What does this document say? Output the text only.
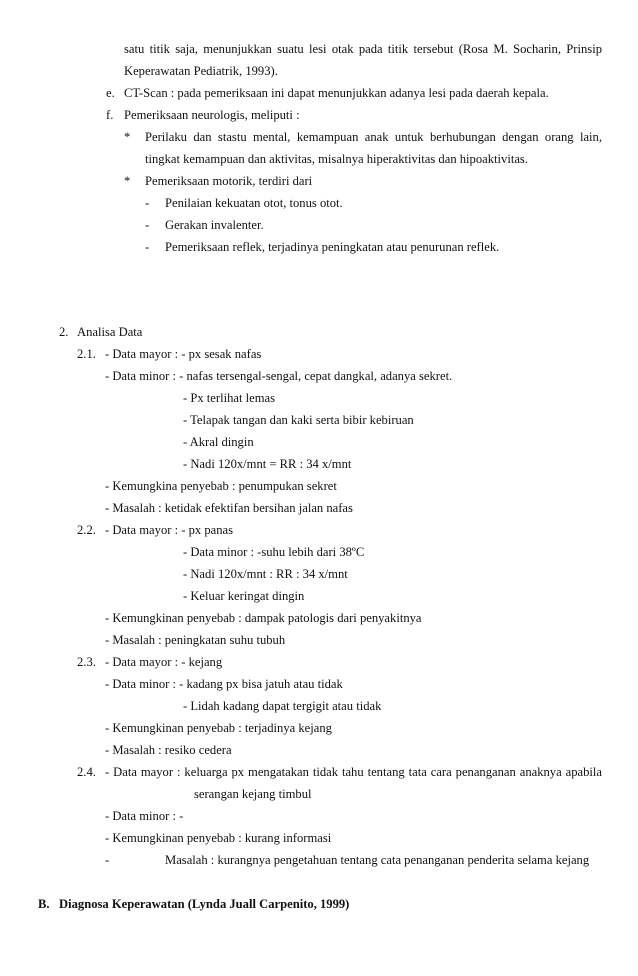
satu titik saja, menunjukkan suatu lesi otak pada titik tersebut (Rosa M. Socharin, Prinsip
Keperawatan Pediatrik, 1993).
e. CT-Scan : pada pemeriksaan ini dapat menunjukkan adanya lesi pada daerah kepala.
f. Pemeriksaan neurologis, meliputi :
* Perilaku dan stastu mental, kemampuan anak untuk berhubungan dengan orang lain,
tingkat kemampuan dan aktivitas, misalnya hiperaktivitas dan hipoaktivitas.
* Pemeriksaan motorik, terdiri dari
- Penilaian kekuatan otot, tonus otot.
- Gerakan invalenter.
- Pemeriksaan reflek, terjadinya peningkatan atau penurunan reflek.
2. Analisa Data
2.1. - Data mayor : - px sesak nafas
- Data minor : - nafas tersengal-sengal, cepat dangkal, adanya sekret.
- Px terlihat lemas
- Telapak tangan dan kaki serta bibir kebiruan
- Akral dingin
- Nadi 120x/mnt = RR : 34 x/mnt
- Kemungkina penyebab : penumpukan sekret
- Masalah : ketidak efektifan bersihan jalan nafas
2.2. - Data mayor : - px panas
- Data minor : -suhu lebih dari 38ºC
- Nadi 120x/mnt : RR : 34 x/mnt
- Keluar keringat dingin
- Kemungkinan penyebab : dampak patologis dari penyakitnya
- Masalah : peningkatan suhu tubuh
2.3. - Data mayor : - kejang
- Data minor : - kadang px bisa jatuh atau tidak
- Lidah kadang dapat tergigit atau tidak
- Kemungkinan penyebab : terjadinya kejang
- Masalah : resiko cedera
2.4. - Data mayor : keluarga px mengatakan tidak tahu tentang tata cara penanganan anaknya apabila
serangan kejang timbul
- Data minor : -
- Kemungkinan penyebab : kurang informasi
-	Masalah : kurangnya pengetahuan tentang cata penanganan penderita selama kejang
B. Diagnosa Keperawatan (Lynda Juall Carpenito, 1999)
